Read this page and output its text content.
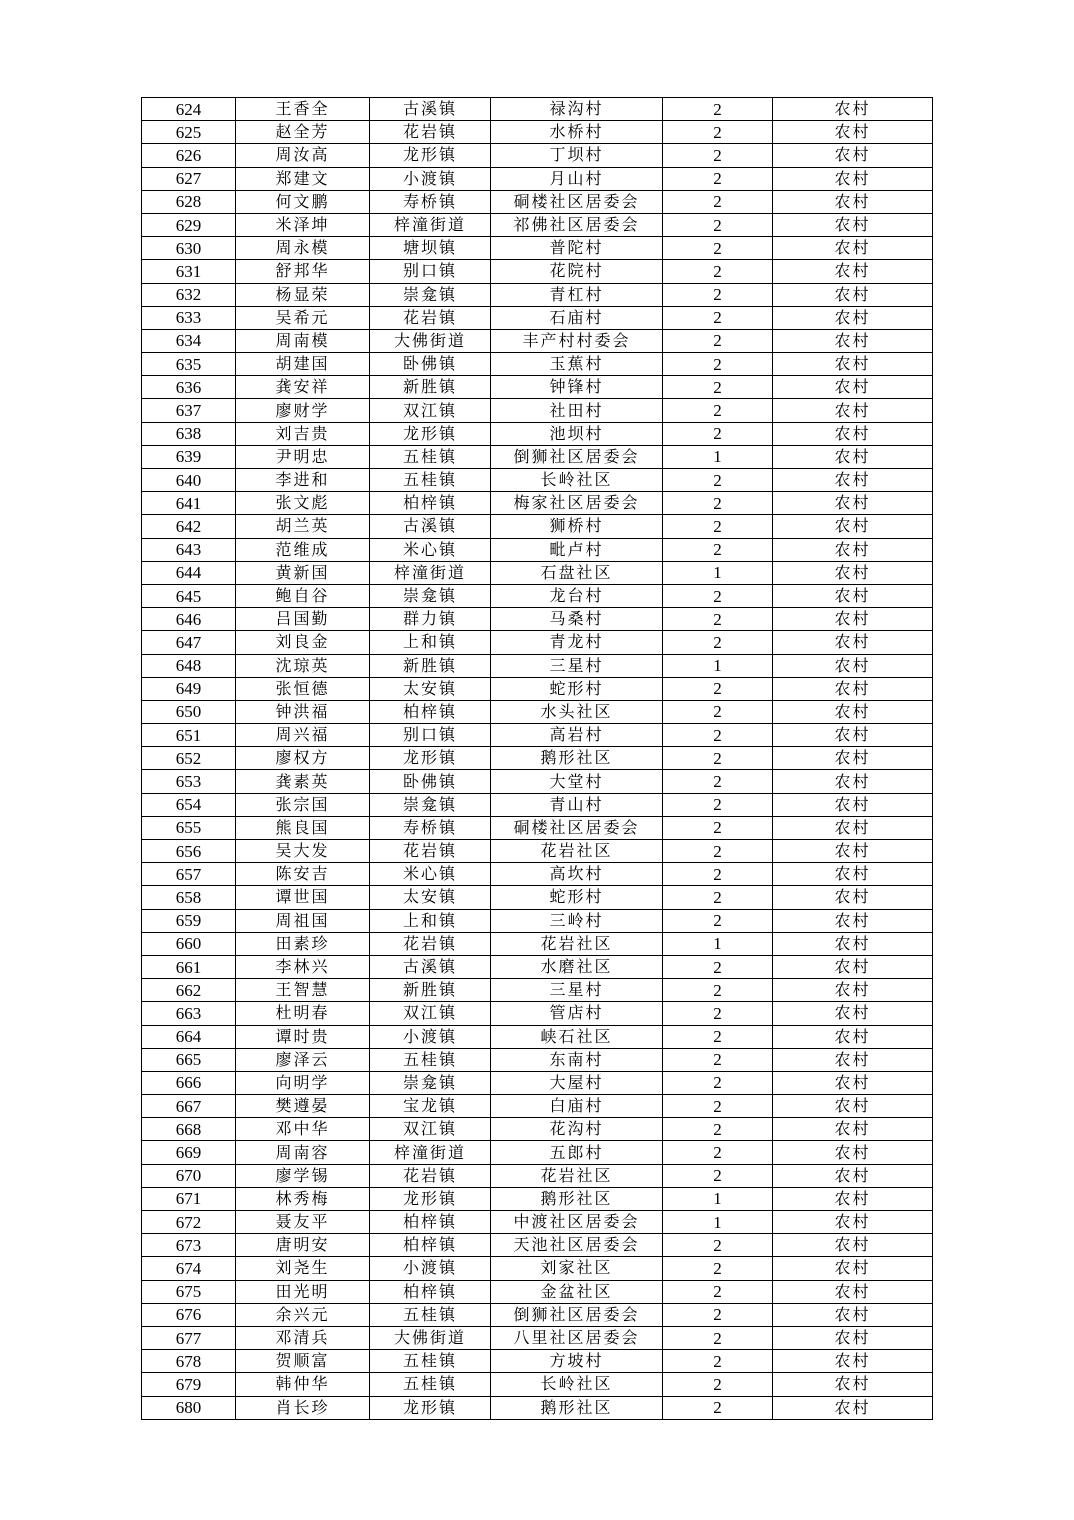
624	王香全	古溪镇	禄沟村	2	农村
625	赵全芳	花岩镇	水桥村	2	农村
626	周汝高	龙形镇	丁坝村	2	农村
627	郑建文	小渡镇	月山村	2	农村
628	何文鹏	寿桥镇	硐楼社区居委会	2	农村
629	米泽坤	梓潼街道	祁佛社区居委会	2	农村
630	周永模	塘坝镇	普陀村	2	农村
631	舒邦华	别口镇	花院村	2	农村
632	杨显荣	崇龛镇	青杠村	2	农村
633	吴希元	花岩镇	石庙村	2	农村
634	周南模	大佛街道	丰产村村委会	2	农村
635	胡建国	卧佛镇	玉蕉村	2	农村
636	龚安祥	新胜镇	钟锋村	2	农村
637	廖财学	双江镇	社田村	2	农村
638	刘吉贵	龙形镇	池坝村	2	农村
639	尹明忠	五桂镇	倒狮社区居委会	1	农村
640	李进和	五桂镇	长岭社区	2	农村
641	张文彪	柏梓镇	梅家社区居委会	2	农村
642	胡兰英	古溪镇	狮桥村	2	农村
643	范维成	米心镇	毗卢村	2	农村
644	黄新国	梓潼街道	石盘社区	1	农村
645	鲍自谷	崇龛镇	龙台村	2	农村
646	吕国勤	群力镇	马桑村	2	农村
647	刘良金	上和镇	青龙村	2	农村
648	沈琼英	新胜镇	三星村	1	农村
649	张恒德	太安镇	蛇形村	2	农村
650	钟洪福	柏梓镇	水头社区	2	农村
651	周兴福	别口镇	高岩村	2	农村
652	廖权方	龙形镇	鹅形社区	2	农村
653	龚素英	卧佛镇	大堂村	2	农村
654	张宗国	崇龛镇	青山村	2	农村
655	熊良国	寿桥镇	硐楼社区居委会	2	农村
656	吴大发	花岩镇	花岩社区	2	农村
657	陈安吉	米心镇	高坎村	2	农村
658	谭世国	太安镇	蛇形村	2	农村
659	周祖国	上和镇	三岭村	2	农村
660	田素珍	花岩镇	花岩社区	1	农村
661	李林兴	古溪镇	水磨社区	2	农村
662	王智慧	新胜镇	三星村	2	农村
663	杜明春	双江镇	管店村	2	农村
664	谭时贵	小渡镇	峡石社区	2	农村
665	廖泽云	五桂镇	东南村	2	农村
666	向明学	崇龛镇	大屋村	2	农村
667	樊遵晏	宝龙镇	白庙村	2	农村
668	邓中华	双江镇	花沟村	2	农村
669	周南容	梓潼街道	五郎村	2	农村
670	廖学锡	花岩镇	花岩社区	2	农村
671	林秀梅	龙形镇	鹅形社区	1	农村
672	聂友平	柏梓镇	中渡社区居委会	1	农村
673	唐明安	柏梓镇	天池社区居委会	2	农村
674	刘尧生	小渡镇	刘家社区	2	农村
675	田光明	柏梓镇	金盆社区	2	农村
676	余兴元	五桂镇	倒狮社区居委会	2	农村
677	邓清兵	大佛街道	八里社区居委会	2	农村
678	贺顺富	五桂镇	方坡村	2	农村
679	韩仲华	五桂镇	长岭社区	2	农村
680	肖长珍	龙形镇	鹅形社区	2	农村
